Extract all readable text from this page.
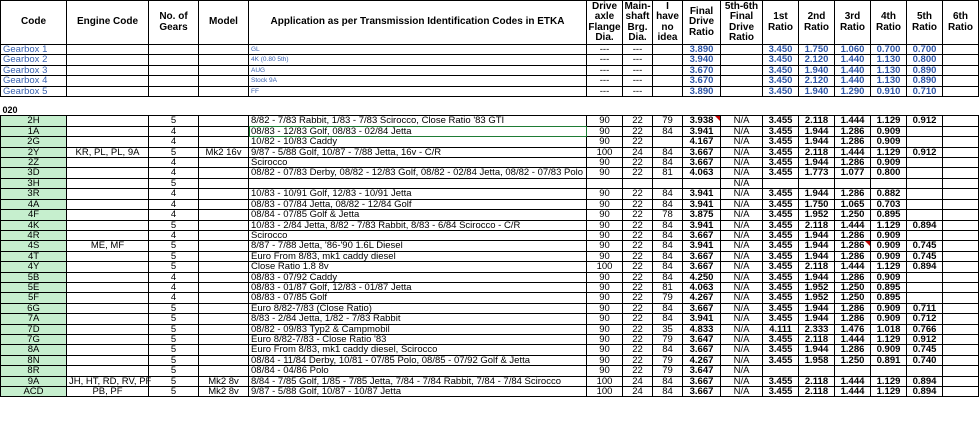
Code	Engine Code	No. of Gears	Model	Application as per Transmission Identification Codes in ETKA	Drive axle Flange Dia.	Main-shaft Brg. Dia.	I have no idea	Final Drive Ratio	5th-6th Final Drive Ratio	1st Ratio	2nd Ratio	3rd Ratio	4th Ratio	5th Ratio	6th Ratio
Gearbox 1				GL	---	---		3.890		3.450	1.750	1.060	0.700	0.700	
Gearbox 2				4K (0.80 5th)	---	---		3.940		3.450	2.120	1.440	1.130	0.800	
Gearbox 3				AUG	---	---		3.670		3.450	1.940	1.440	1.130	0.890	
Gearbox 4				Stock 9A	---	---		3.670		3.450	2.120	1.440	1.130	0.890	
Gearbox 5				FF	---	---		3.890		3.450	1.940	1.290	0.910	0.710	

020															
2H		5		8/82 - 7/83 Rabbit, 1/83 - 7/83 Scirocco, Close Ratio '83 GTI	90	22	79	3.938	N/A	3.455	2.118	1.444	1.129	0.912	
1A		4		08/83 - 12/83 Golf, 08/83 - 02/84 Jetta	90	22	84	3.941	N/A	3.455	1.944	1.286	0.909		
2G		4		10/82 - 10/83 Caddy	90	22		4.167	N/A	3.455	1.944	1.286	0.909		
2Y	KR, PL, PL, 9A	5	Mk2 16v	9/87 - 5/88 Golf, 10/87 - 7/88 Jetta, 16v - C/R	100	24	84	3.667	N/A	3.455	2.118	1.444	1.129	0.912	
2Z		4		Scirocco	90	22	84	3.667	N/A	3.455	1.944	1.286	0.909		
3D		4		08/82 - 07/83 Derby, 08/82 - 12/83 Golf, 08/82 - 02/84 Jetta, 08/82 - 07/83 Polo	90	22	81	4.063	N/A	3.455	1.773	1.077	0.800		
3H		5							N/A						
3R		4		10/83 - 10/91 Golf, 12/83 - 10/91 Jetta	90	22	84	3.941	N/A	3.455	1.944	1.286	0.882		
4A		4		08/83 - 07/84 Jetta, 08/82 - 12/84 Golf	90	22	84	3.941	N/A	3.455	1.750	1.065	0.703		
4F		4		08/84 - 07/85 Golf & Jetta	90	22	78	3.875	N/A	3.455	1.952	1.250	0.895		
4K		5		10/83 - 2/84 Jetta, 8/82 - 7/83 Rabbit, 8/83 - 6/84 Scirocco - C/R	90	22	84	3.941	N/A	3.455	2.118	1.444	1.129	0.894	
4R		4		Scirocco	90	22	84	3.667	N/A	3.455	1.944	1.286	0.909		
4S	ME, MF	5		8/87 - 7/88 Jetta, '86-'90 1.6L Diesel	90	22	84	3.941	N/A	3.455	1.944	1.286	0.909	0.745	
4T		5		Euro From 8/83, mk1 caddy diesel	90	22	84	3.667	N/A	3.455	1.944	1.286	0.909	0.745	
4Y		5		Close Ratio 1.8 8v	100	22	84	3.667	N/A	3.455	2.118	1.444	1.129	0.894	
5B		4		08/83 - 07/92 Caddy	90	22	84	4.250	N/A	3.455	1.944	1.286	0.909		
5E		4		08/83 - 01/87 Golf, 12/83 - 01/87 Jetta	90	22	81	4.063	N/A	3.455	1.952	1.250	0.895		
5F		4		08/83 - 07/85 Golf	90	22	79	4.267	N/A	3.455	1.952	1.250	0.895		
6G		5		Euro 8/82-7/83 (Close Ratio)	90	22	84	3.667	N/A	3.455	1.944	1.286	0.909	0.711	
7A		5		8/83 - 2/84 Jetta, 1/82 - 7/83 Rabbit	90	22	84	3.941	N/A	3.455	1.944	1.286	0.909	0.712	
7D		5		08/82 - 09/83 Typ2 & Campmobil	90	22	35	4.833	N/A	4.111	2.333	1.476	1.018	0.766	
7G		5		Euro 8/82-7/83 - Close Ratio '83	90	22	79	3.647	N/A	3.455	2.118	1.444	1.129	0.912	
8A		5		Euro From 8/83, mk1 caddy diesel, Scirocco	90	22	84	3.667	N/A	3.455	1.944	1.286	0.909	0.745	
8N		5		08/84 - 11/84 Derby, 10/81 - 07/85 Polo, 08/85 - 07/92 Golf & Jetta	90	22	79	4.267	N/A	3.455	1.958	1.250	0.891	0.740	
8R		5		08/84 - 04/86 Polo	90	22	79	3.647	N/A						
9A	JH, HT, RD, RV, PF	5	Mk2 8v	8/84 - 7/85 Golf, 1/85 - 7/85 Jetta, 7/84 - 7/84 Rabbit, 7/84 - 7/84 Scirocco	100	24	84	3.667	N/A	3.455	2.118	1.444	1.129	0.894	
ACD	PB, PF	5	Mk2 8v	9/87 - 5/88 Golf, 10/87 - 10/87 Jetta	100	24	84	3.667	N/A	3.455	2.118	1.444	1.129	0.894	
